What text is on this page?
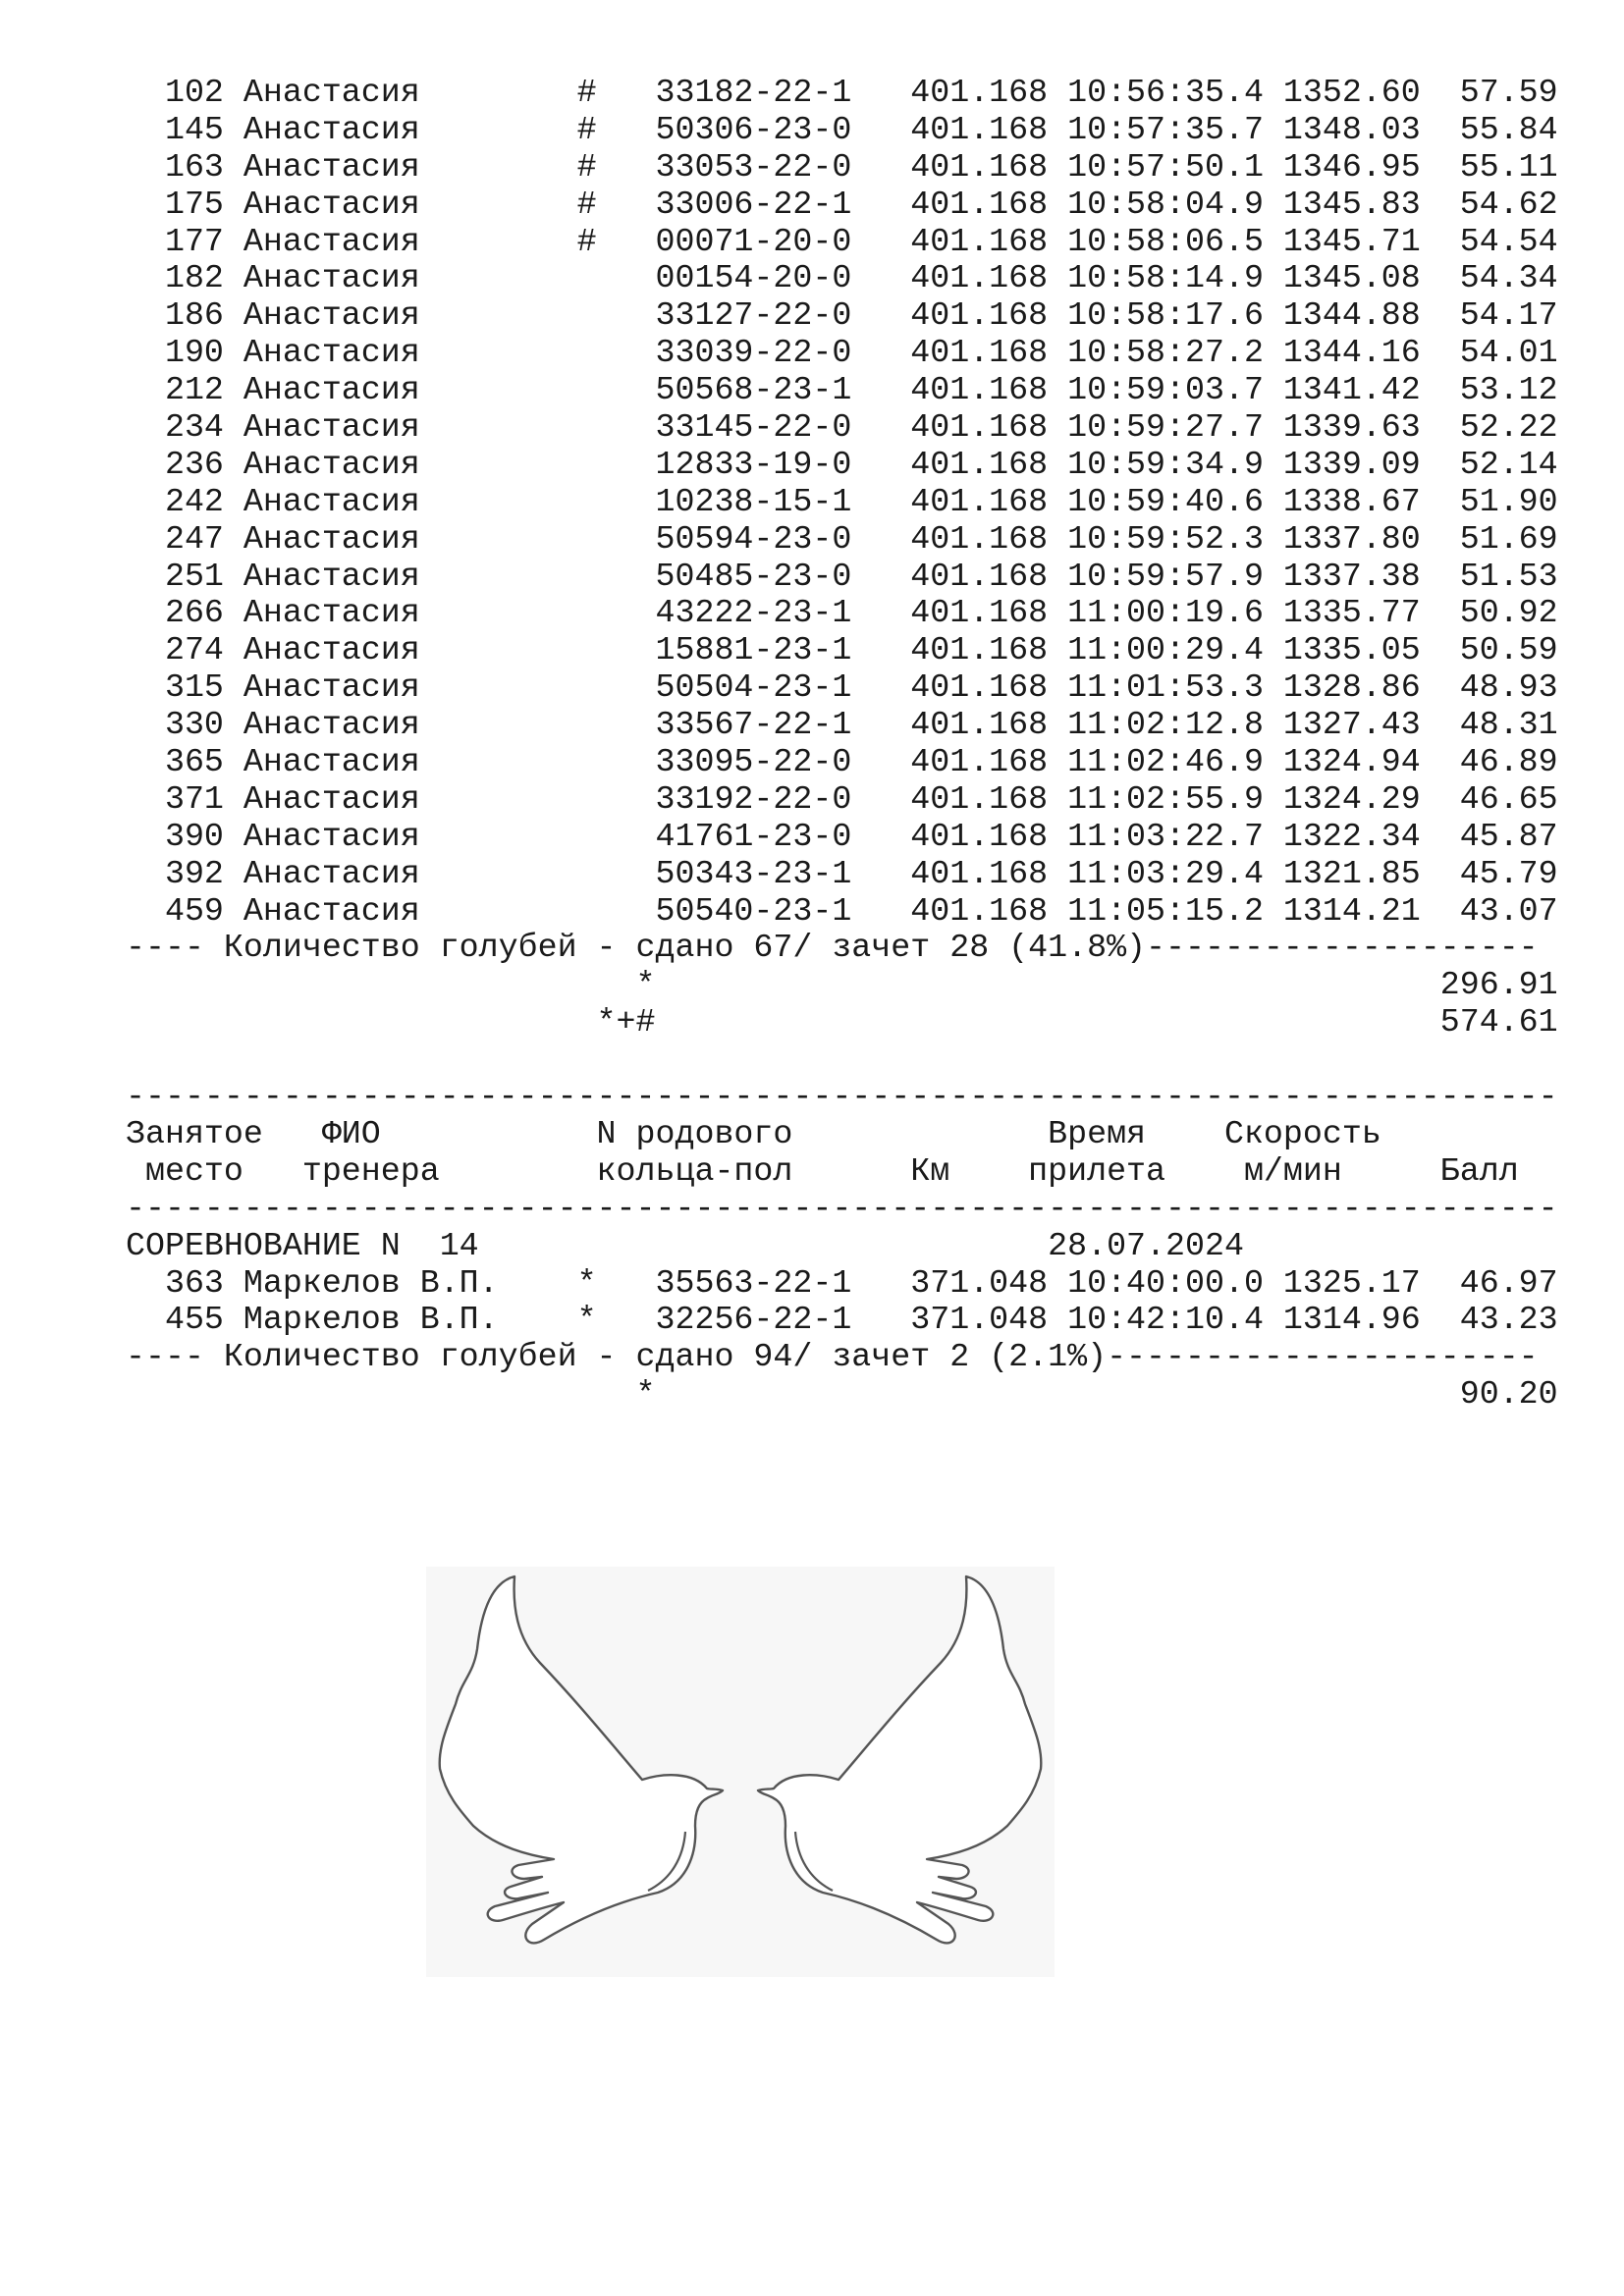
102 Анастасия        #   33182-22-1   401.168 10:56:35.4 1352.60  57.59
145 Анастасия        #   50306-23-0   401.168 10:57:35.7 1348.03  55.84
163 Анастасия        #   33053-22-0   401.168 10:57:50.1 1346.95  55.11
175 Анастасия        #   33006-22-1   401.168 10:58:04.9 1345.83  54.62
177 Анастасия        #   00071-20-0   401.168 10:58:06.5 1345.71  54.54
182 Анастасия            00154-20-0   401.168 10:58:14.9 1345.08  54.34
186 Анастасия            33127-22-0   401.168 10:58:17.6 1344.88  54.17
190 Анастасия            33039-22-0   401.168 10:58:27.2 1344.16  54.01
212 Анастасия            50568-23-1   401.168 10:59:03.7 1341.42  53.12
234 Анастасия            33145-22-0   401.168 10:59:27.7 1339.63  52.22
236 Анастасия            12833-19-0   401.168 10:59:34.9 1339.09  52.14
242 Анастасия            10238-15-1   401.168 10:59:40.6 1338.67  51.90
247 Анастасия            50594-23-0   401.168 10:59:52.3 1337.80  51.69
251 Анастасия            50485-23-0   401.168 10:59:57.9 1337.38  51.53
266 Анастасия            43222-23-1   401.168 11:00:19.6 1335.77  50.92
274 Анастасия            15881-23-1   401.168 11:00:29.4 1335.05  50.59
315 Анастасия            50504-23-1   401.168 11:01:53.3 1328.86  48.93
330 Анастасия            33567-22-1   401.168 11:02:12.8 1327.43  48.31
365 Анастасия            33095-22-0   401.168 11:02:46.9 1324.94  46.89
371 Анастасия            33192-22-0   401.168 11:02:55.9 1324.29  46.65
390 Анастасия            41761-23-0   401.168 11:03:22.7 1322.34  45.87
392 Анастасия            50343-23-1   401.168 11:03:29.4 1321.85  45.79
459 Анастасия            50540-23-1   401.168 11:05:15.2 1314.21  43.07
---- Количество голубей - сдано 67/ зачет 28 (41.8%)--------------------
*                                        296.91
*+#                                        574.61
-------------------------------------------------------------------------
Занятое   ФИО           N родового             Время    Скорость
место   тренера        кольца-пол      Км    прилета    м/мин     Балл
-------------------------------------------------------------------------
СОРЕВНОВАНИЕ N  14                             28.07.2024
363 Маркелов В.П.    *   35563-22-1   371.048 10:40:00.0 1325.17  46.97
455 Маркелов В.П.    *   32256-22-1   371.048 10:42:10.4 1314.96  43.23
---- Количество голубей - сдано 94/ зачет 2 (2.1%)----------------------
*                                         90.20
